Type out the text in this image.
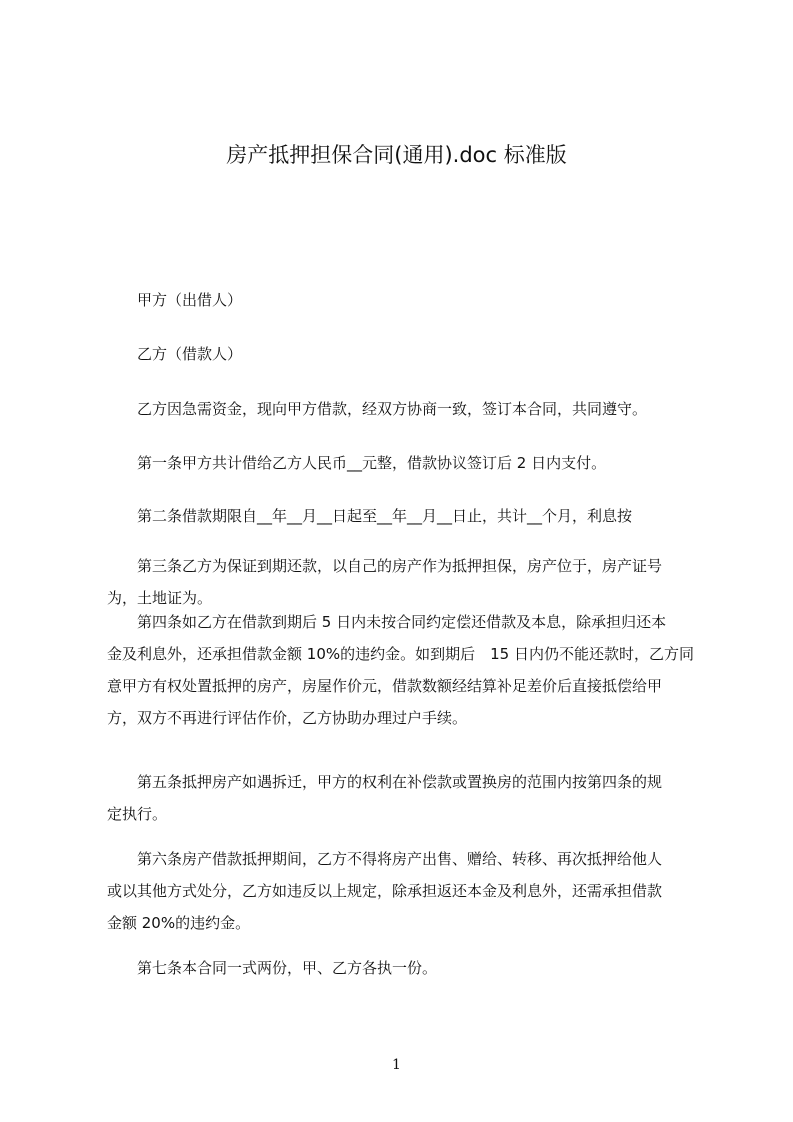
房产抵押担保合同(通用).doc 标准版
　　甲方（出借人）
　　乙方（借款人）
　　乙方因急需资金，现向甲方借款，经双方协商一致，签订本合同，共同遵守。
　　第一条甲方共计借给乙方人民币__元整，借款协议签订后 2 日内支付。
　　第二条借款期限自__年__月__日起至__年__月__日止，共计__个月，利息按
　　第三条乙方为保证到期还款，以自己的房产作为抵押担保，房产位于，房产证号
为，土地证为。
　　第四条如乙方在借款到期后 5 日内未按合同约定偿还借款及本息，除承担归还本
金及利息外，还承担借款金额 10%的违约金。如到期后　15 日内仍不能还款时，乙方同
意甲方有权处置抵押的房产，房屋作价元，借款数额经结算补足差价后直接抵偿给甲
方，双方不再进行评估作价，乙方协助办理过户手续。
　　第五条抵押房产如遇拆迁，甲方的权利在补偿款或置换房的范围内按第四条的规
定执行。
　　第六条房产借款抵押期间，乙方不得将房产出售、赠给、转移、再次抵押给他人
或以其他方式处分，乙方如违反以上规定，除承担返还本金及利息外，还需承担借款
金额 20%的违约金。
　　第七条本合同一式两份，甲、乙方各执一份。
1
